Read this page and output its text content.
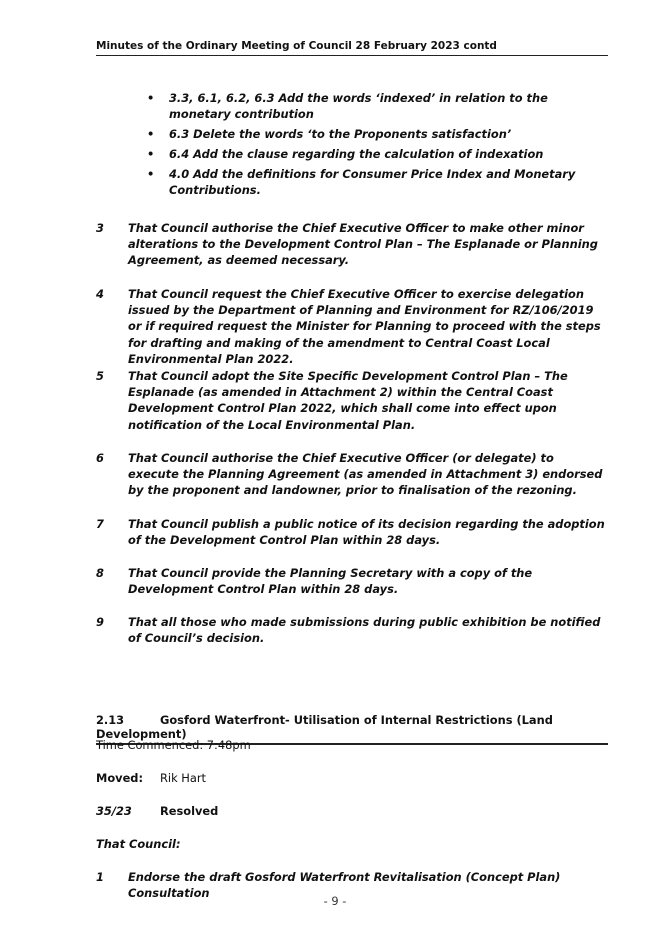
Minutes of the Ordinary Meeting of Council 28 February 2023 contd
• 3.3, 6.1, 6.2, 6.3 Add the words ‘indexed’ in relation to the monetary contribution
• 6.3 Delete the words ‘to the Proponents satisfaction’
• 6.4 Add the clause regarding the calculation of indexation
• 4.0 Add the definitions for Consumer Price Index and Monetary Contributions.
3 That Council authorise the Chief Executive Officer to make other minor alterations to the Development Control Plan – The Esplanade or Planning Agreement, as deemed necessary.
4 That Council request the Chief Executive Officer to exercise delegation issued by the Department of Planning and Environment for RZ/106/2019 or if required request the Minister for Planning to proceed with the steps for drafting and making of the amendment to Central Coast Local Environmental Plan 2022.
5 That Council adopt the Site Specific Development Control Plan – The Esplanade (as amended in Attachment 2) within the Central Coast Development Control Plan 2022, which shall come into effect upon notification of the Local Environmental Plan.
6 That Council authorise the Chief Executive Officer (or delegate) to execute the Planning Agreement (as amended in Attachment 3) endorsed by the proponent and landowner, prior to finalisation of the rezoning.
7 That Council publish a public notice of its decision regarding the adoption of the Development Control Plan within 28 days.
8 That Council provide the Planning Secretary with a copy of the Development Control Plan within 28 days.
9 That all those who made submissions during public exhibition be notified of Council’s decision.
2.13	Gosford Waterfront- Utilisation of Internal Restrictions (Land Development)
Time Commenced: 7:48pm
Moved: Rik Hart
35/23 Resolved
That Council:
1 Endorse the draft Gosford Waterfront Revitalisation (Concept Plan) Consultation
- 9 -
